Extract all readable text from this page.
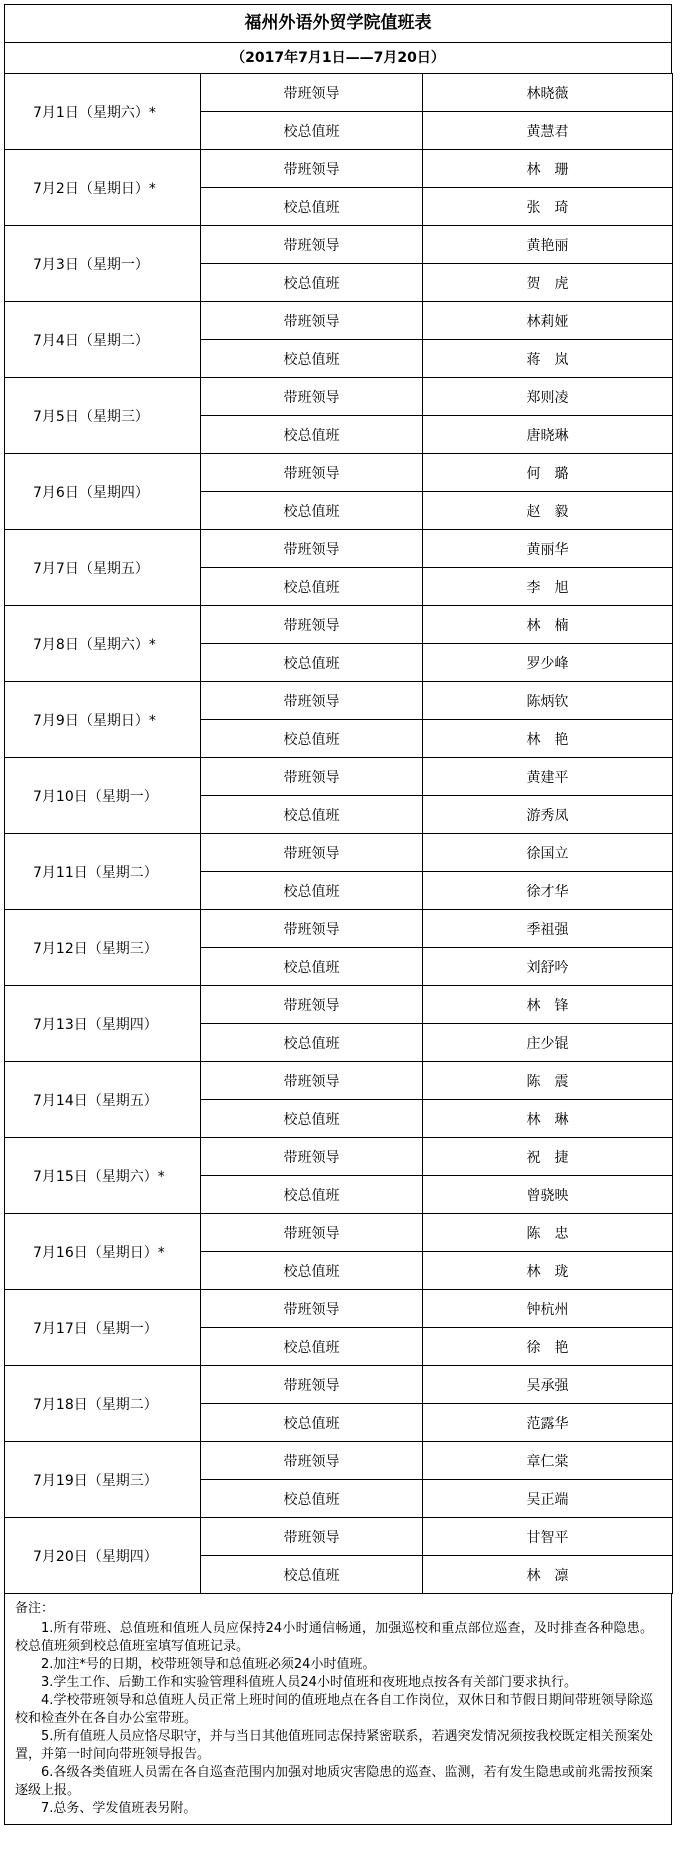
福州外语外贸学院值班表
（2017年7月1日——7月20日）
7月1日（星期六）*	带班领导	林晓薇
	校总值班	黄慧君
7月2日（星期日）*	带班领导	林　珊
	校总值班	张　琦
7月3日（星期一）	带班领导	黄艳丽
	校总值班	贺　虎
7月4日（星期二）	带班领导	林莉娅
	校总值班	蒋　岚
7月5日（星期三）	带班领导	郑则凌
	校总值班	唐晓琳
7月6日（星期四）	带班领导	何　璐
	校总值班	赵　毅
7月7日（星期五）	带班领导	黄丽华
	校总值班	李　旭
7月8日（星期六）*	带班领导	林　楠
	校总值班	罗少峰
7月9日（星期日）*	带班领导	陈炳钦
	校总值班	林　艳
7月10日（星期一）	带班领导	黄建平
	校总值班	游秀凤
7月11日（星期二）	带班领导	徐国立
	校总值班	徐才华
7月12日（星期三）	带班领导	季祖强
	校总值班	刘舒吟
7月13日（星期四）	带班领导	林　锋
	校总值班	庄少锟
7月14日（星期五）	带班领导	陈　震
	校总值班	林　琳
7月15日（星期六）*	带班领导	祝　捷
	校总值班	曾骁映
7月16日（星期日）*	带班领导	陈　忠
	校总值班	林　珑
7月17日（星期一）	带班领导	钟杭州
	校总值班	徐　艳
7月18日（星期二）	带班领导	吴承强
	校总值班	范露华
7月19日（星期三）	带班领导	章仁棠
	校总值班	吴正端
7月20日（星期四）	带班领导	甘智平
	校总值班	林　凛
备注：
1.所有带班、总值班和值班人员应保持24小时通信畅通，加强巡校和重点部位巡查，及时排查各种隐患。校总值班须到校总值班室填写值班记录。
2.加注*号的日期，校带班领导和总值班必须24小时值班。
3.学生工作、后勤工作和实验管理科值班人员24小时值班和夜班地点按各有关部门要求执行。
4.学校带班领导和总值班人员正常上班时间的值班地点在各自工作岗位，双休日和节假日期间带班领导除巡校和检查外在各自办公室带班。
5.所有值班人员应恪尽职守，并与当日其他值班同志保持紧密联系，若遇突发情况须按我校既定相关预案处置，并第一时间向带班领导报告。
6.各级各类值班人员需在各自巡查范围内加强对地质灾害隐患的巡查、监测，若有发生隐患或前兆需按预案逐级上报。
7.总务、学发值班表另附。
